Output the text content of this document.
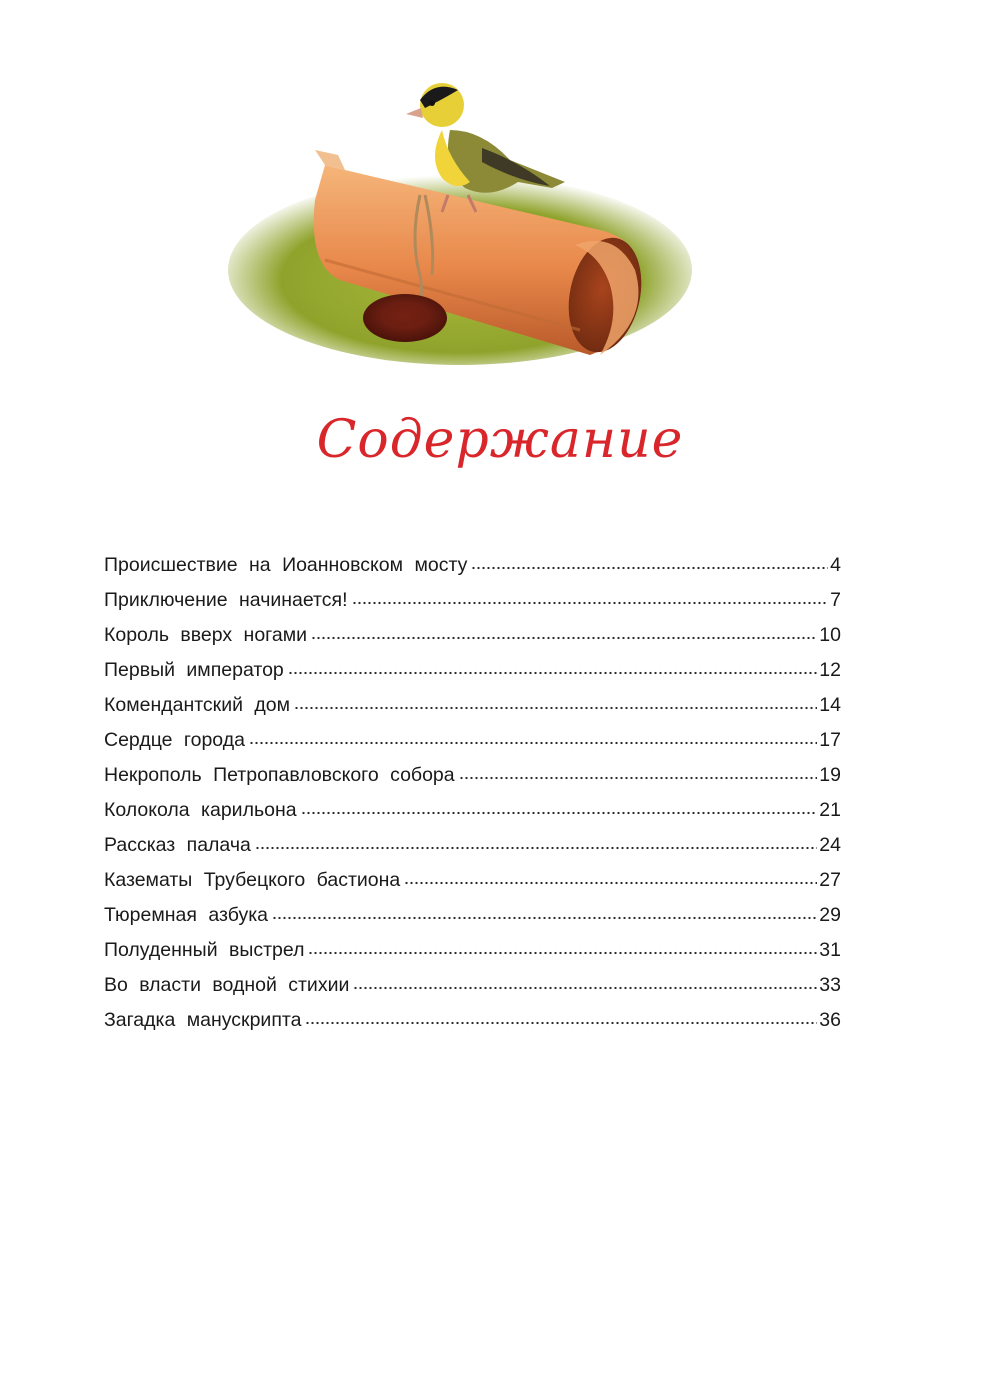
Содержание
Происшествие на Иоанновском мосту	4
Приключение начинается!	7
Король вверх ногами	10
Первый император	12
Комендантский дом	14
Сердце города	17
Некрополь Петропавловского собора	19
Колокола карильона	21
Рассказ палача	24
Казематы Трубецкого бастиона	27
Тюремная азбука	29
Полуденный выстрел	31
Во власти водной стихии	33
Загадка манускрипта	36
